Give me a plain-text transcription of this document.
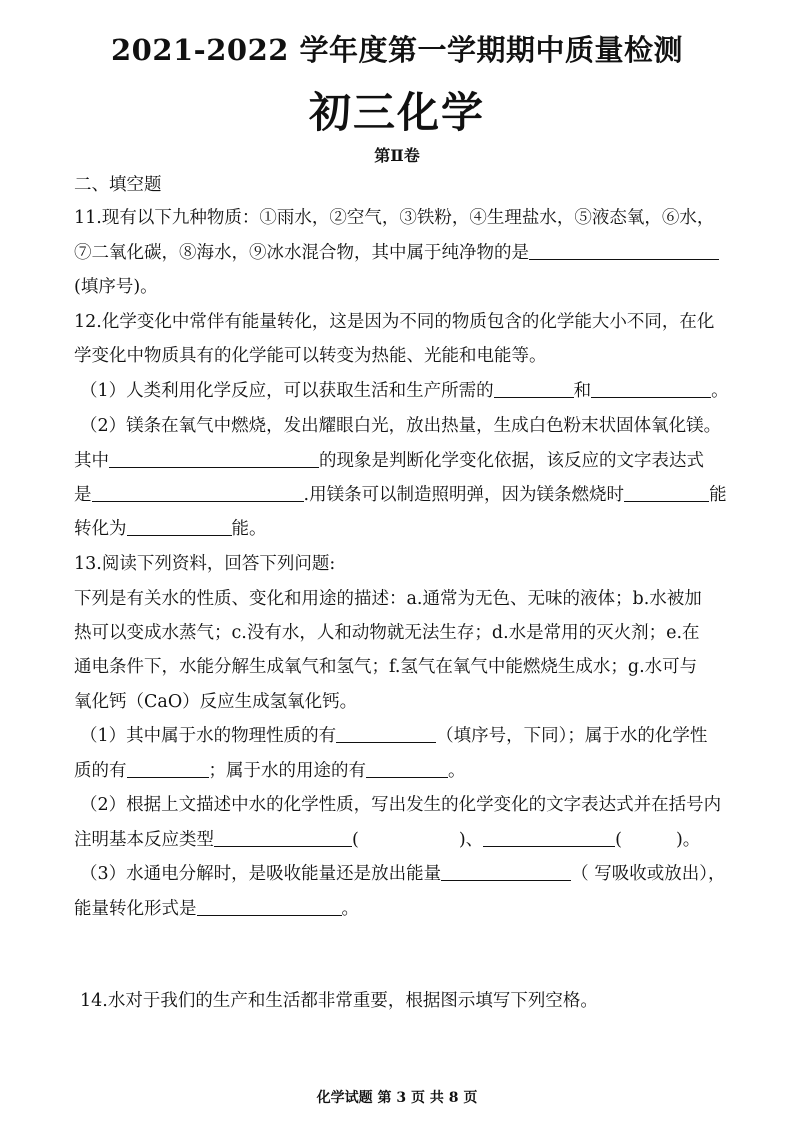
2021-2022 学年度第一学期期中质量检测
初三化学
第Ⅱ卷
二、填空题
11.现有以下九种物质：①雨水，②空气，③铁粉，④生理盐水，⑤液态氧，⑥水，
⑦二氧化碳，⑧海水，⑨冰水混合物，其中属于纯净物的是
(填序号)。
12.化学变化中常伴有能量转化，这是因为不同的物质包含的化学能大小不同，在化
学变化中物质具有的化学能可以转变为热能、光能和电能等。
（1）人类利用化学反应，可以获取生活和生产所需的	和	。
（2）镁条在氧气中燃烧，发出耀眼白光，放出热量，生成白色粉末状固体氧化镁。
其中	的现象是判断化学变化依据，该反应的文字表达式
是	.用镁条可以制造照明弹，因为镁条燃烧时	能
转化为	能。
13.阅读下列资料，回答下列问题:
下列是有关水的性质、变化和用途的描述：a.通常为无色、无味的液体；b.水被加
热可以变成水蒸气；c.没有水，人和动物就无法生存；d.水是常用的灭火剂；e.在
通电条件下，水能分解生成氧气和氢气；f.氢气在氧气中能燃烧生成水；g.水可与
氧化钙（CaO）反应生成氢氧化钙。
（1）其中属于水的物理性质的有	（填序号，下同）；属于水的化学性
质的有	；属于水的用途的有	。
（2）根据上文描述中水的化学性质，写出发生的化学变化的文字表达式并在括号内
注明基本反应类型	(	)、	(	)。
（3）水通电分解时，是吸收能量还是放出能量	（ 写吸收或放出），
能量转化形式是	。
14.水对于我们的生产和生活都非常重要，根据图示填写下列空格。
化学试题 第 3 页 共 8 页
